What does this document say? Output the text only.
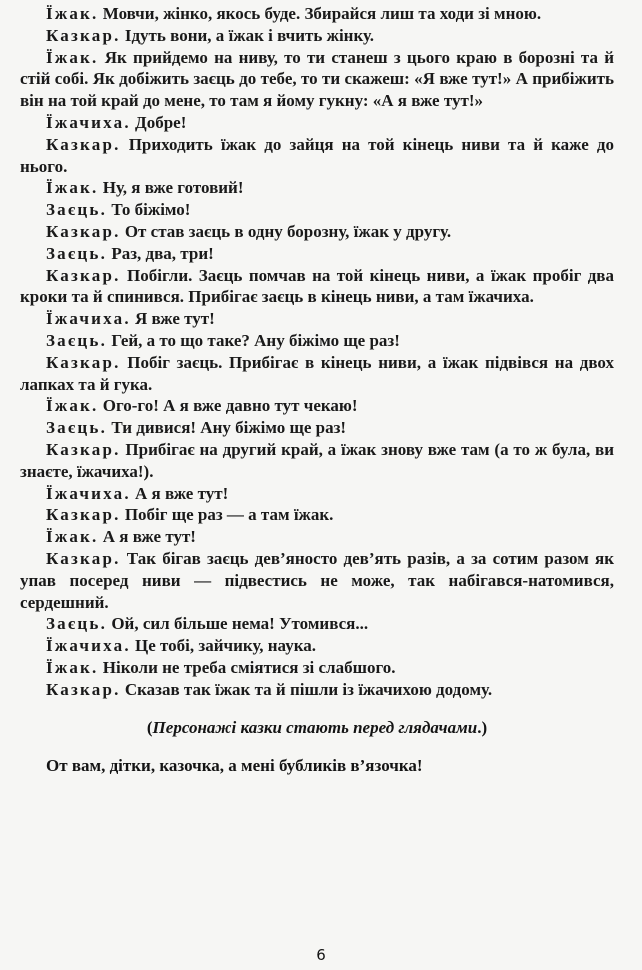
Їжак. Мовчи, жінко, якось буде. Збирайся лиш та ходи зі мною.

Казкар. Ідуть вони, а їжак і вчить жінку.

Їжак. Як прийдемо на ниву, то ти станеш з цього краю в борозні та й стій собі. Як добіжить заєць до тебе, то ти скажеш: «Я вже тут!» А прибіжить він на той край до мене, то там я йому гукну: «А я вже тут!»

Їжачиха. Добре!

Казкар. Приходить їжак до зайця на той кінець ниви та й каже до нього.

Їжак. Ну, я вже готовий!

Заєць. То біжімо!

Казкар. От став заєць в одну борозну, їжак у другу.

Заєць. Раз, два, три!

Казкар. Побігли. Заєць помчав на той кінець ниви, а їжак пробіг два кроки та й спинився. Прибігає заєць в кінець ниви, а там їжачиха.

Їжачиха. Я вже тут!

Заєць. Гей, а то що таке? Ану біжімо ще раз!

Казкар. Побіг заєць. Прибігає в кінець ниви, а їжак підвівся на двох лапках та й гука.

Їжак. Ого-го! А я вже давно тут чекаю!

Заєць. Ти дивися! Ану біжімо ще раз!

Казкар. Прибігає на другий край, а їжак знову вже там (а то ж була, ви знаєте, їжачиха!).

Їжачиха. А я вже тут!

Казкар. Побіг ще раз — а там їжак.

Їжак. А я вже тут!

Казкар. Так бігав заєць дев’яносто дев’ять разів, а за сотим разом як упав посеред ниви — підвестись не може, так набігався-натомився, сердешний.

Заєць. Ой, сил більше нема! Утомився...

Їжачиха. Це тобі, зайчику, наука.

Їжак. Ніколи не треба сміятися зі слабшого.

Казкар. Сказав так їжак та й пішли із їжачихою додому.

(Персонажі казки стають перед глядачами.)

От вам, дітки, казочка, а мені бубликів в’язочка!

6
